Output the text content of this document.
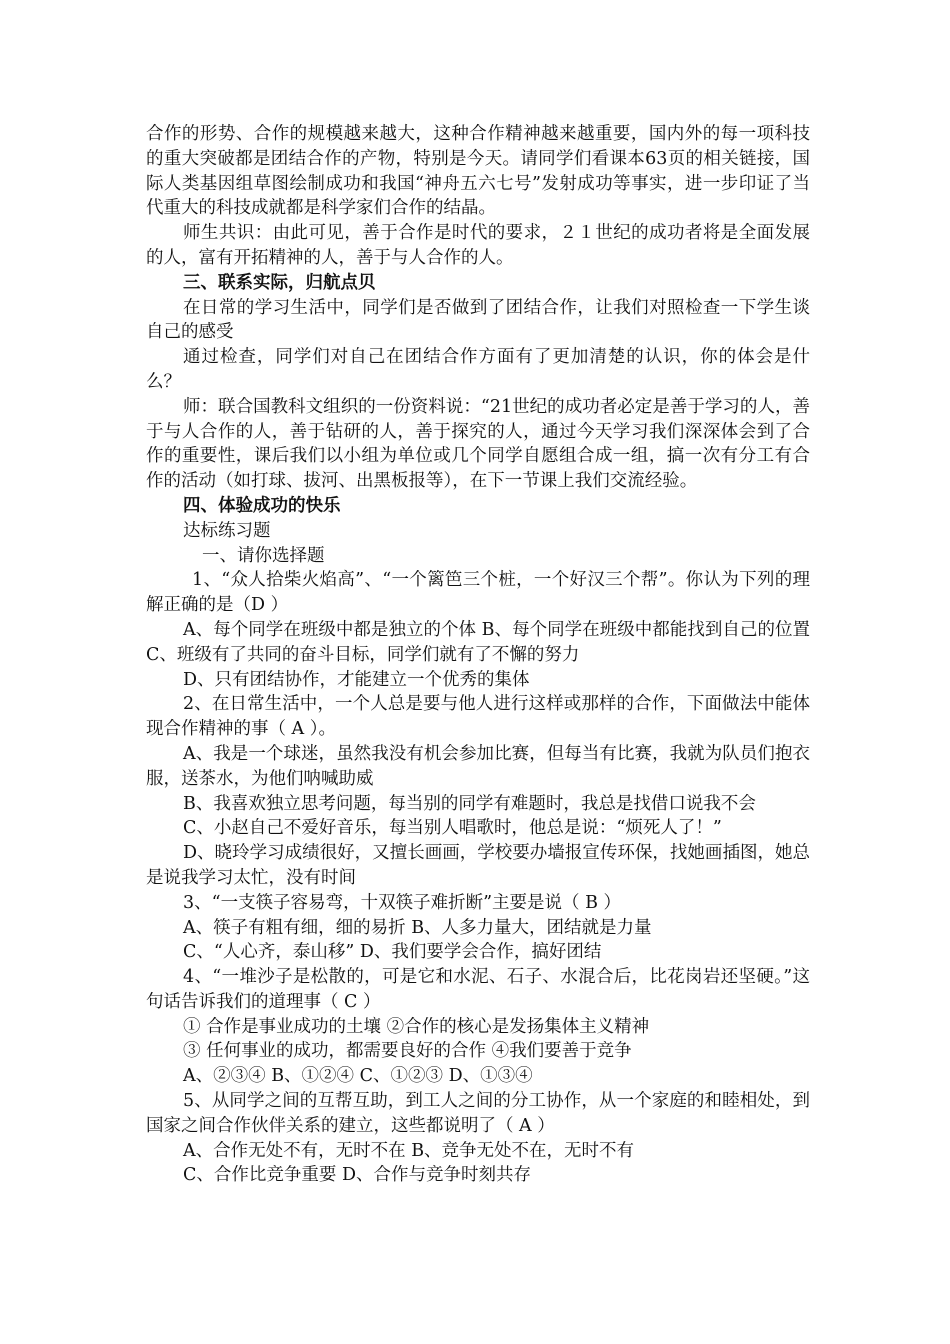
合作的形势、合作的规模越来越大，这种合作精神越来越重要，国内外的每一项科技的重大突破都是团结合作的产物，特别是今天。请同学们看课本63页的相关链接，国际人类基因组草图绘制成功和我国“神舟五六七号”发射成功等事实，进一步印证了当代重大的科技成就都是科学家们合作的结晶。

师生共识：由此可见，善于合作是时代的要求，２１世纪的成功者将是全面发展的人，富有开拓精神的人，善于与人合作的人。

三、联系实际，归航点贝

在日常的学习生活中，同学们是否做到了团结合作，让我们对照检查一下学生谈自己的感受

通过检查，同学们对自己在团结合作方面有了更加清楚的认识，你的体会是什么？

师：联合国教科文组织的一份资料说：“21世纪的成功者必定是善于学习的人，善于与人合作的人，善于钻研的人，善于探究的人，通过今天学习我们深深体会到了合作的重要性，课后我们以小组为单位或几个同学自愿组合成一组，搞一次有分工有合作的活动（如打球、拔河、出黑板报等），在下一节课上我们交流经验。

四、体验成功的快乐

达标练习题

一、请你选择题

1、“众人拾柴火焰高”、“一个篱笆三个桩，一个好汉三个帮”。你认为下列的理解正确的是（D ）

A、每个同学在班级中都是独立的个体 B、每个同学在班级中都能找到自己的位置　C、班级有了共同的奋斗目标，同学们就有了不懈的努力

D、只有团结协作，才能建立一个优秀的集体

2、在日常生活中，一个人总是要与他人进行这样或那样的合作，下面做法中能体现合作精神的事（ A ）。

A、我是一个球迷，虽然我没有机会参加比赛，但每当有比赛，我就为队员们抱衣服，送茶水，为他们呐喊助威

B、我喜欢独立思考问题，每当别的同学有难题时，我总是找借口说我不会

C、小赵自己不爱好音乐，每当别人唱歌时，他总是说：“烦死人了！”

D、晓玲学习成绩很好，又擅长画画，学校要办墙报宣传环保，找她画插图，她总是说我学习太忙，没有时间

3、“一支筷子容易弯，十双筷子难折断”主要是说（ B ）

A、筷子有粗有细，细的易折 B、人多力量大，团结就是力量

C、“人心齐，泰山移” D、我们要学会合作，搞好团结

4、“一堆沙子是松散的，可是它和水泥、石子、水混合后，比花岗岩还坚硬。”这句话告诉我们的道理事（ C ）

① 合作是事业成功的土壤 ②合作的核心是发扬集体主义精神

③ 任何事业的成功，都需要良好的合作 ④我们要善于竞争

A、②③④ B、①②④ C、①②③ D、①③④

5、从同学之间的互帮互助，到工人之间的分工协作，从一个家庭的和睦相处，到国家之间合作伙伴关系的建立，这些都说明了（ A ）

A、合作无处不有，无时不在 B、竞争无处不在，无时不有

C、合作比竞争重要 D、合作与竞争时刻共存
